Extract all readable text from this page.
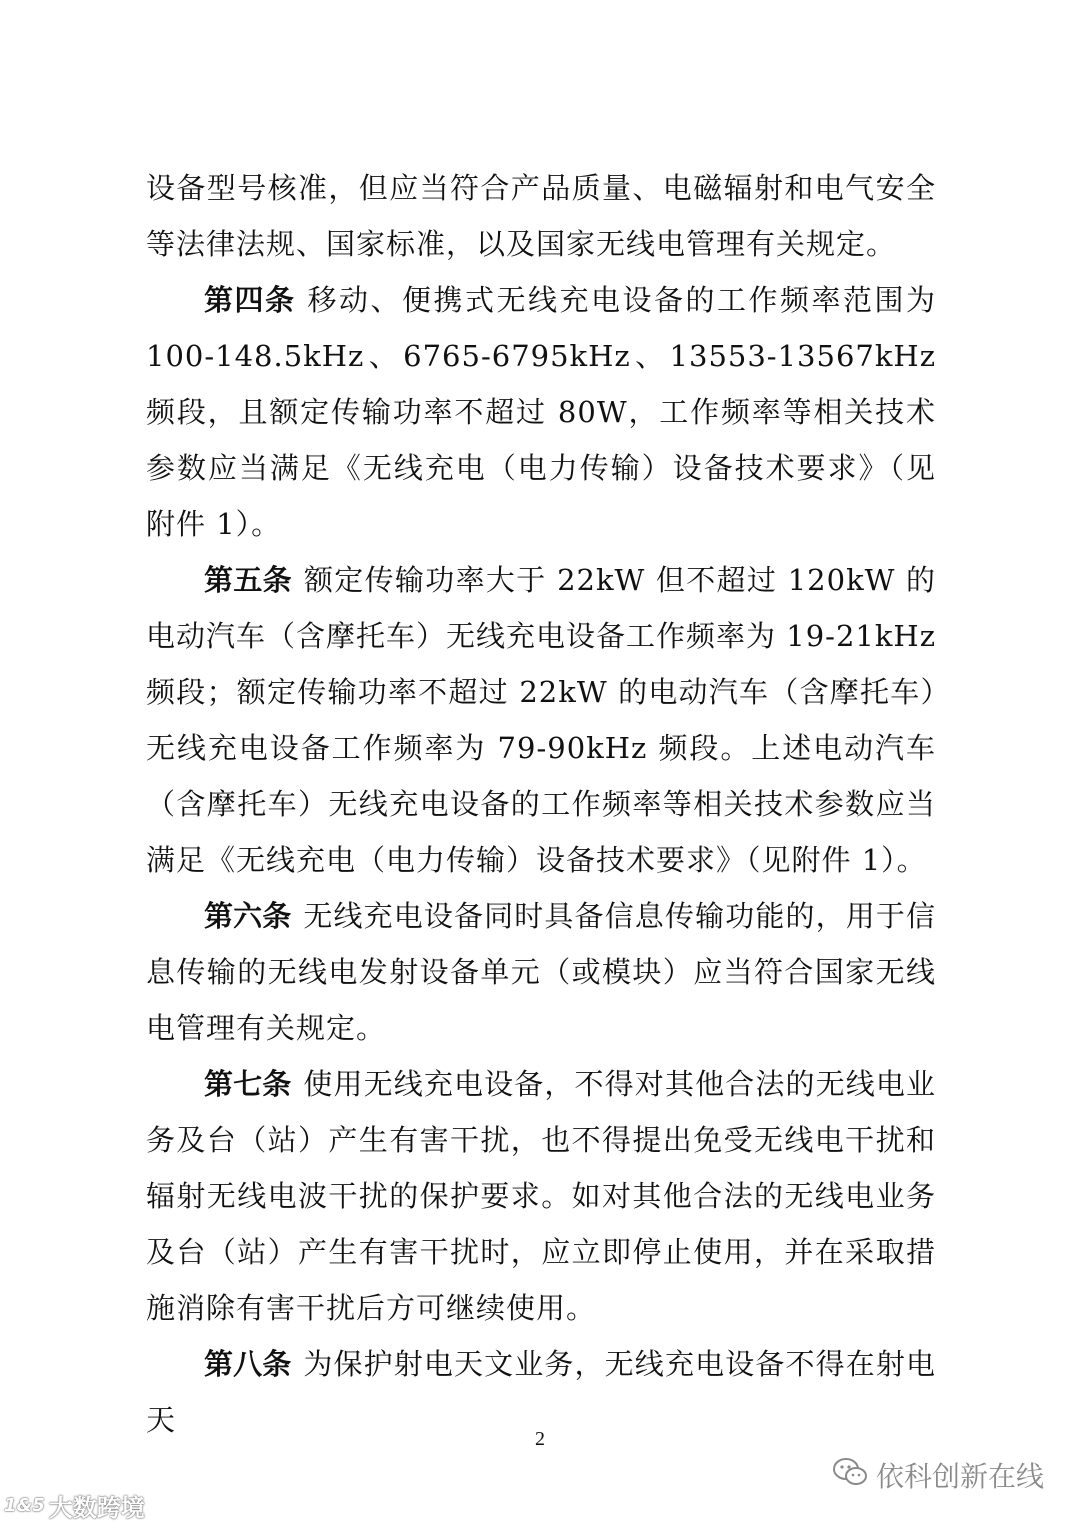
设备型号核准，但应当符合产品质量、电磁辐射和电气安全等法律法规、国家标准，以及国家无线电管理有关规定。

第四条 移动、便携式无线充电设备的工作频率范围为 100-148.5kHz、6765-6795kHz、13553-13567kHz 频段，且额定传输功率不超过 80W，工作频率等相关技术参数应当满足《无线充电（电力传输）设备技术要求》（见附件 1）。

第五条 额定传输功率大于 22kW 但不超过 120kW 的电动汽车（含摩托车）无线充电设备工作频率为 19-21kHz 频段；额定传输功率不超过 22kW 的电动汽车（含摩托车）无线充电设备工作频率为 79-90kHz 频段。上述电动汽车（含摩托车）无线充电设备的工作频率等相关技术参数应当满足《无线充电（电力传输）设备技术要求》（见附件 1）。

第六条 无线充电设备同时具备信息传输功能的，用于信息传输的无线电发射设备单元（或模块）应当符合国家无线电管理有关规定。

第七条 使用无线充电设备，不得对其他合法的无线电业务及台（站）产生有害干扰，也不得提出免受无线电干扰和辐射无线电波干扰的保护要求。如对其他合法的无线电业务及台（站）产生有害干扰时，应立即停止使用，并在采取措施消除有害干扰后方可继续使用。

第八条 为保护射电天文业务，无线充电设备不得在射电天

2
依科创新在线
1&5 大数跨境
